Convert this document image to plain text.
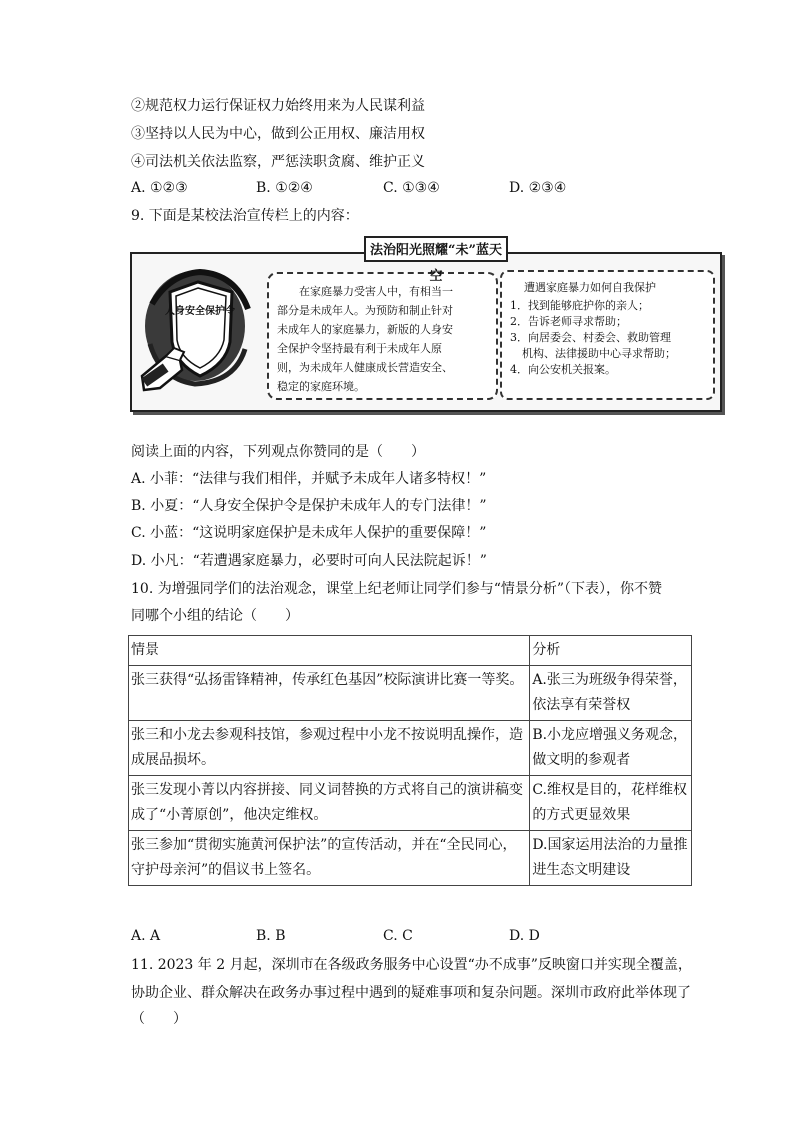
②规范权力运行保证权力始终用来为人民谋利益
③坚持以人民为中心，做到公正用权、廉洁用权
④司法机关依法监察，严惩渎职贪腐、维护正义
A. ①②③	B. ①②④	C. ①③④	D. ②③④
9. 下面是某校法治宣传栏上的内容：
法治阳光照耀“未”蓝天空
人身安全保护令
在家庭暴力受害人中，有相当一
部分是未成年人。为预防和制止针对
未成年人的家庭暴力，新版的人身安
全保护令坚持最有利于未成年人原
则，为未成年人健康成长营造安全、
稳定的家庭环境。
遭遇家庭暴力如何自我保护
1．找到能够庇护你的亲人；
2．告诉老师寻求帮助；
3．向居委会、村委会、救助管理
机构、法律援助中心寻求帮助；
4．向公安机关报案。
阅读上面的内容，下列观点你赞同的是（　　）
A. 小菲：“法律与我们相伴，并赋予未成年人诸多特权！”
B. 小夏：“人身安全保护令是保护未成年人的专门法律！”
C. 小蓝：“这说明家庭保护是未成年人保护的重要保障！”
D. 小凡：“若遭遇家庭暴力，必要时可向人民法院起诉！”
10. 为增强同学们的法治观念，课堂上纪老师让同学们参与“情景分析”（下表），你不赞
同哪个小组的结论（　　）
情景	分析
张三获得“弘扬雷锋精神，传承红色基因”校际演讲比赛一等奖。	A.张三为班级争得荣誉，依法享有荣誉权
张三和小龙去参观科技馆，参观过程中小龙不按说明乱操作，造成展品损坏。	B.小龙应增强义务观念，做文明的参观者
张三发现小菁以内容拼接、同义词替换的方式将自己的演讲稿变成了“小菁原创”，他决定维权。	C.维权是目的，花样维权的方式更显效果
张三参加“贯彻实施黄河保护法”的宣传活动，并在“全民同心，守护母亲河”的倡议书上签名。	D.国家运用法治的力量推进生态文明建设
A. A	B. B	C. C	D. D
11. 2023 年 2 月起，深圳市在各级政务服务中心设置“办不成事”反映窗口并实现全覆盖，
协助企业、群众解决在政务办事过程中遇到的疑难事项和复杂问题。深圳市政府此举体现了
（　　）
